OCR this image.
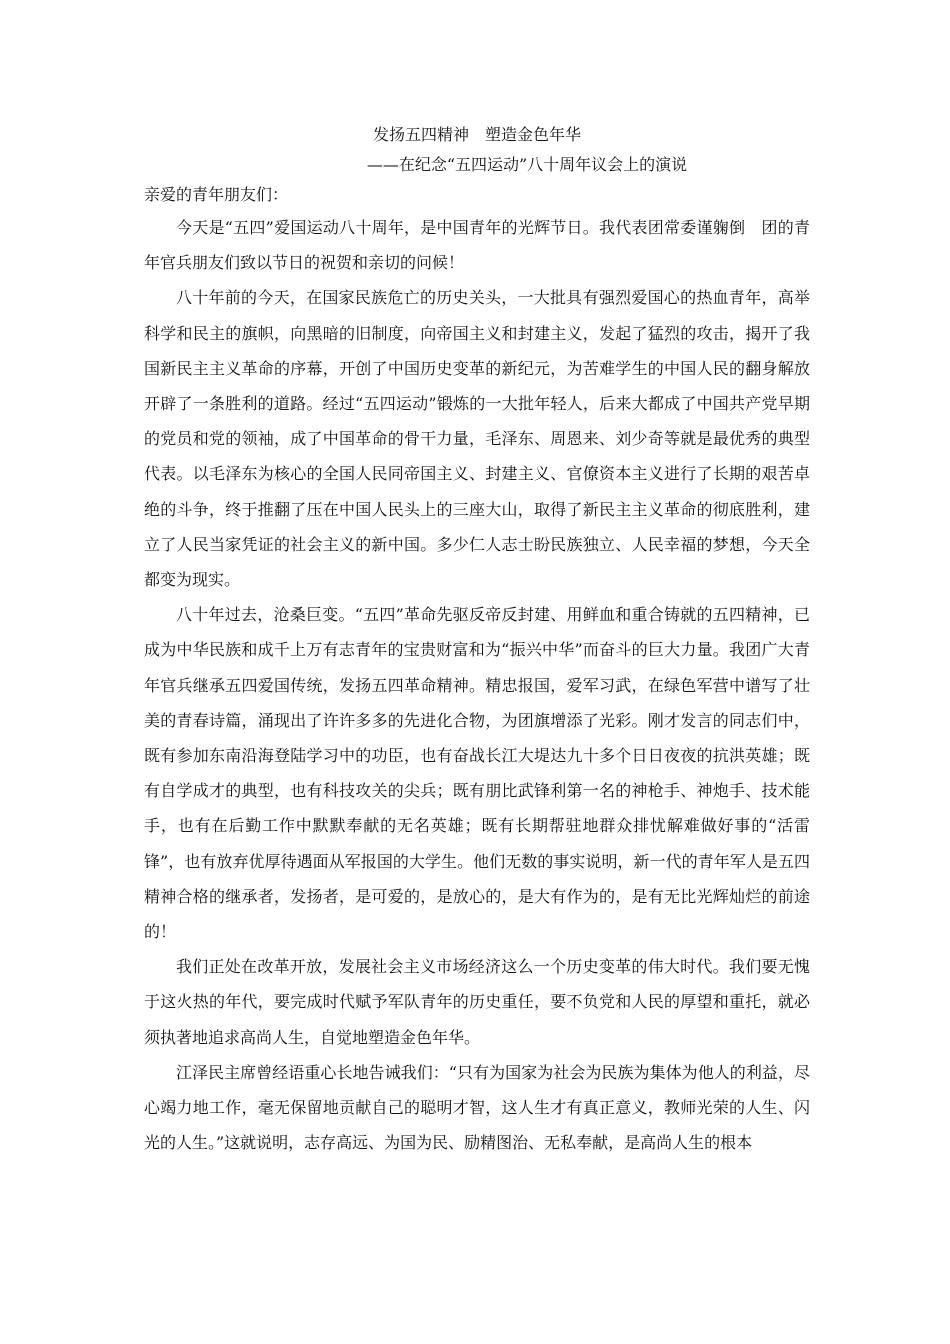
发扬五四精神　塑造金色年华

——在纪念“五四运动”八十周年议会上的演说

亲爱的青年朋友们：

今天是“五四”爱国运动八十周年，是中国青年的光辉节日。我代表团常委谨躹倒　团的青年官兵朋友们致以节日的祝贺和亲切的问候！

八十年前的今天，在国家民族危亡的历史关头，一大批具有强烈爱国心的热血青年，高举科学和民主的旗帜，向黑暗的旧制度，向帝国主义和封建主义，发起了猛烈的攻击，揭开了我国新民主主义革命的序幕，开创了中国历史变革的新纪元，为苦难学生的中国人民的翻身解放开辟了一条胜利的道路。经过“五四运动”锻炼的一大批年轻人，后来大都成了中国共产党早期的党员和党的领袖，成了中国革命的骨干力量，毛泽东、周恩来、刘少奇等就是最优秀的典型代表。以毛泽东为核心的全国人民同帝国主义、封建主义、官僚资本主义进行了长期的艰苦卓绝的斗争，终于推翻了压在中国人民头上的三座大山，取得了新民主主义革命的彻底胜利，建立了人民当家凭证的社会主义的新中国。多少仁人志士盼民族独立、人民幸福的梦想，今天全都变为现实。

八十年过去，沧桑巨变。“五四”革命先驱反帝反封建、用鲜血和重合铸就的五四精神，已成为中华民族和成千上万有志青年的宝贵财富和为“振兴中华”而奋斗的巨大力量。我团广大青年官兵继承五四爱国传统，发扬五四革命精神。精忠报国，爱军习武，在绿色军营中谱写了壮美的青春诗篇，涌现出了许许多多的先进化合物，为团旗增添了光彩。刚才发言的同志们中，既有参加东南沿海登陆学习中的功臣，也有奋战长江大堤达九十多个日日夜夜的抗洪英雄；既有自学成才的典型，也有科技攻关的尖兵；既有朋比武锋利第一名的神枪手、神炮手、技术能手，也有在后勤工作中默默奉献的无名英雄；既有长期帮驻地群众排忧解难做好事的“活雷锋”，也有放弃优厚待遇面从军报国的大学生。他们无数的事实说明，新一代的青年军人是五四精神合格的继承者，发扬者，是可爱的，是放心的，是大有作为的，是有无比光辉灿烂的前途的！

我们正处在改革开放，发展社会主义市场经济这么一个历史变革的伟大时代。我们要无愧于这火热的年代，要完成时代赋予军队青年的历史重任，要不负党和人民的厚望和重托，就必须执著地追求高尚人生，自觉地塑造金色年华。

江泽民主席曾经语重心长地告诫我们：“只有为国家为社会为民族为集体为他人的利益，尽心竭力地工作，毫无保留地贡献自己的聪明才智，这人生才有真正意义，教师光荣的人生、闪光的人生。”这就说明，志存高远、为国为民、励精图治、无私奉献，是高尚人生的根本
